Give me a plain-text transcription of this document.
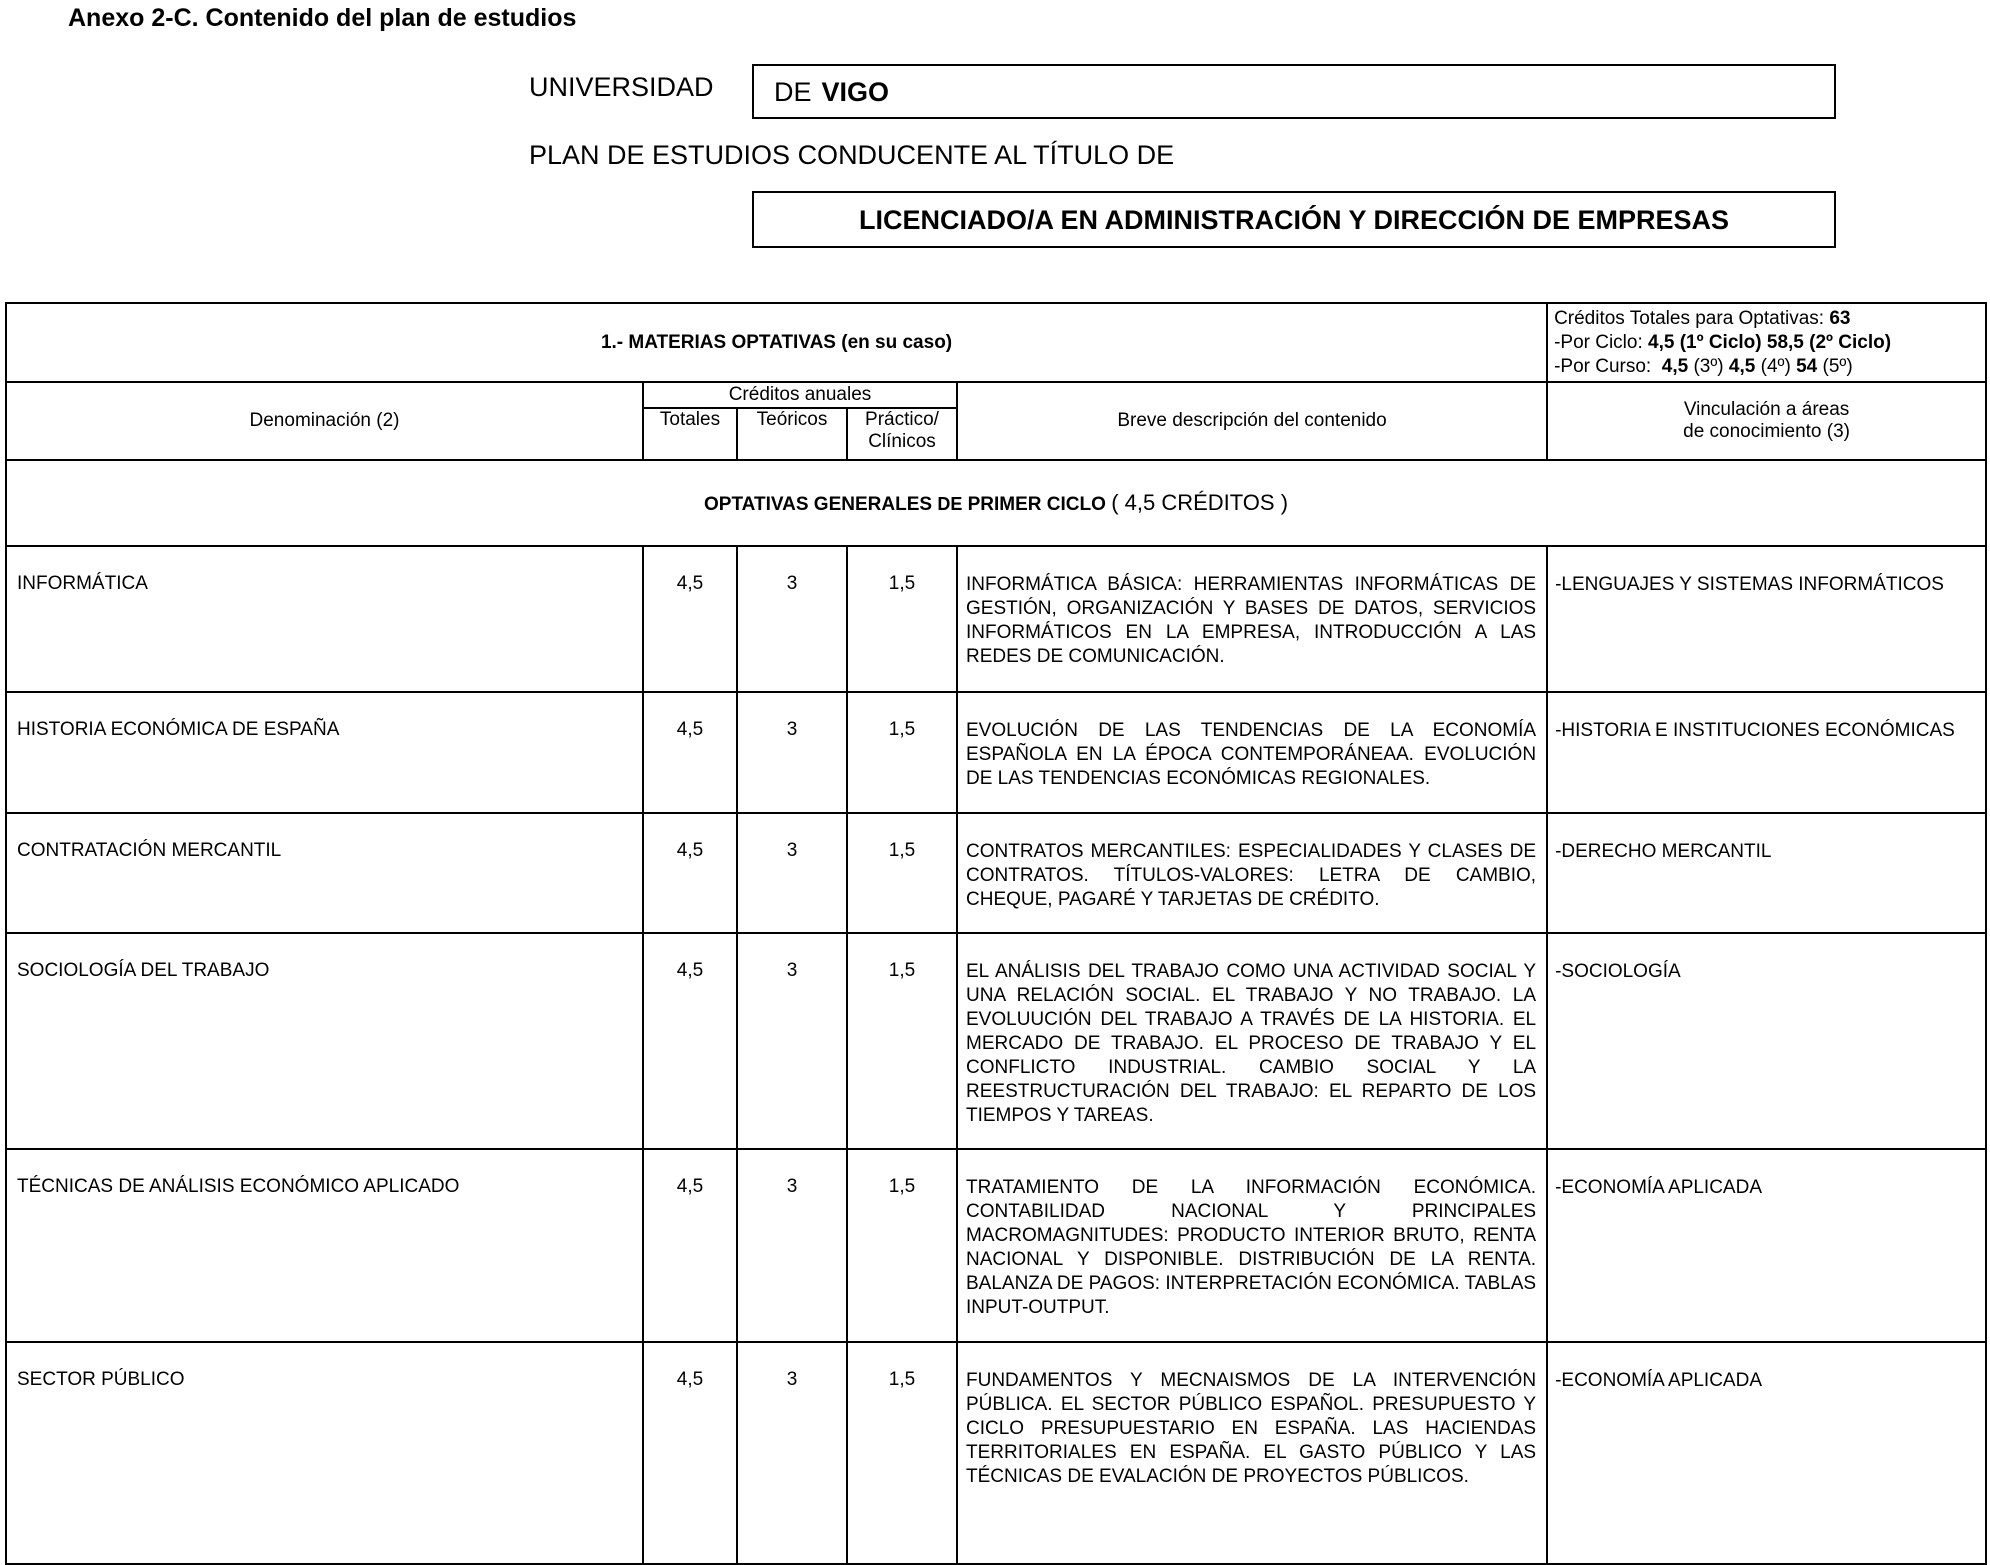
Anexo 2-C. Contenido del plan de estudios
UNIVERSIDAD	DE VIGO
PLAN DE ESTUDIOS CONDUCENTE AL TÍTULO DE
LICENCIADO/A EN ADMINISTRACIÓN Y DIRECCIÓN DE EMPRESAS
1.- MATERIAS OPTATIVAS (en su caso)					Créditos Totales para Optativas: 63
-Por Ciclo: 4,5 (1º Ciclo) 58,5 (2º Ciclo)
-Por Curso: 4,5 (3º) 4,5 (4º) 54 (5º)

Denominación (2)	Créditos anuales			Breve descripción del contenido	Vinculación a áreas
de conocimiento (3)

	Totales	Teóricos	Práctico/
Clínicos		

OPTATIVAS GENERALES DE PRIMER CICLO ( 4,5 CRÉDITOS )					
INFORMÁTICA	4,5	3	1,5	INFORMÁTICA BÁSICA: HERRAMIENTAS INFORMÁTICAS DE GESTIÓN, ORGANIZACIÓN Y BASES DE DATOS, SERVICIOS INFORMÁTICOS EN LA EMPRESA, INTRODUCCIÓN A LAS REDES DE COMUNICACIÓN.	-LENGUAJES Y SISTEMAS INFORMÁTICOS
HISTORIA ECONÓMICA DE ESPAÑA	4,5	3	1,5	EVOLUCIÓN DE LAS TENDENCIAS DE LA ECONOMÍA ESPAÑOLA EN LA ÉPOCA CONTEMPORÁNEAA. EVOLUCIÓN DE LAS TENDENCIAS ECONÓMICAS REGIONALES.	-HISTORIA E INSTITUCIONES ECONÓMICAS
CONTRATACIÓN MERCANTIL	4,5	3	1,5	CONTRATOS MERCANTILES: ESPECIALIDADES Y CLASES DE CONTRATOS. TÍTULOS-VALORES: LETRA DE CAMBIO, CHEQUE, PAGARÉ Y TARJETAS DE CRÉDITO.	-DERECHO MERCANTIL
SOCIOLOGÍA DEL TRABAJO	4,5	3	1,5	EL ANÁLISIS DEL TRABAJO COMO UNA ACTIVIDAD SOCIAL Y UNA RELACIÓN SOCIAL. EL TRABAJO Y NO TRABAJO. LA EVOLUUCIÓN DEL TRABAJO A TRAVÉS DE LA HISTORIA. EL MERCADO DE TRABAJO. EL PROCESO DE TRABAJO Y EL CONFLICTO INDUSTRIAL. CAMBIO SOCIAL Y LA REESTRUCTURACIÓN DEL TRABAJO: EL REPARTO DE LOS TIEMPOS Y TAREAS.	-SOCIOLOGÍA
TÉCNICAS DE ANÁLISIS ECONÓMICO APLICADO	4,5	3	1,5	TRATAMIENTO DE LA INFORMACIÓN ECONÓMICA. CONTABILIDAD NACIONAL Y PRINCIPALES MACROMAGNITUDES: PRODUCTO INTERIOR BRUTO, RENTA NACIONAL Y DISPONIBLE. DISTRIBUCIÓN DE LA RENTA. BALANZA DE PAGOS: INTERPRETACIÓN ECONÓMICA. TABLAS INPUT-OUTPUT.	-ECONOMÍA APLICADA
SECTOR PÚBLICO	4,5	3	1,5	FUNDAMENTOS Y MECNAISMOS DE LA INTERVENCIÓN PÚBLICA. EL SECTOR PÚBLICO ESPAÑOL. PRESUPUESTO Y CICLO PRESUPUESTARIO EN ESPAÑA. LAS HACIENDAS TERRITORIALES EN ESPAÑA. EL GASTO PÚBLICO Y LAS TÉCNICAS DE EVALACIÓN DE PROYECTOS PÚBLICOS.	-ECONOMÍA APLICADA
